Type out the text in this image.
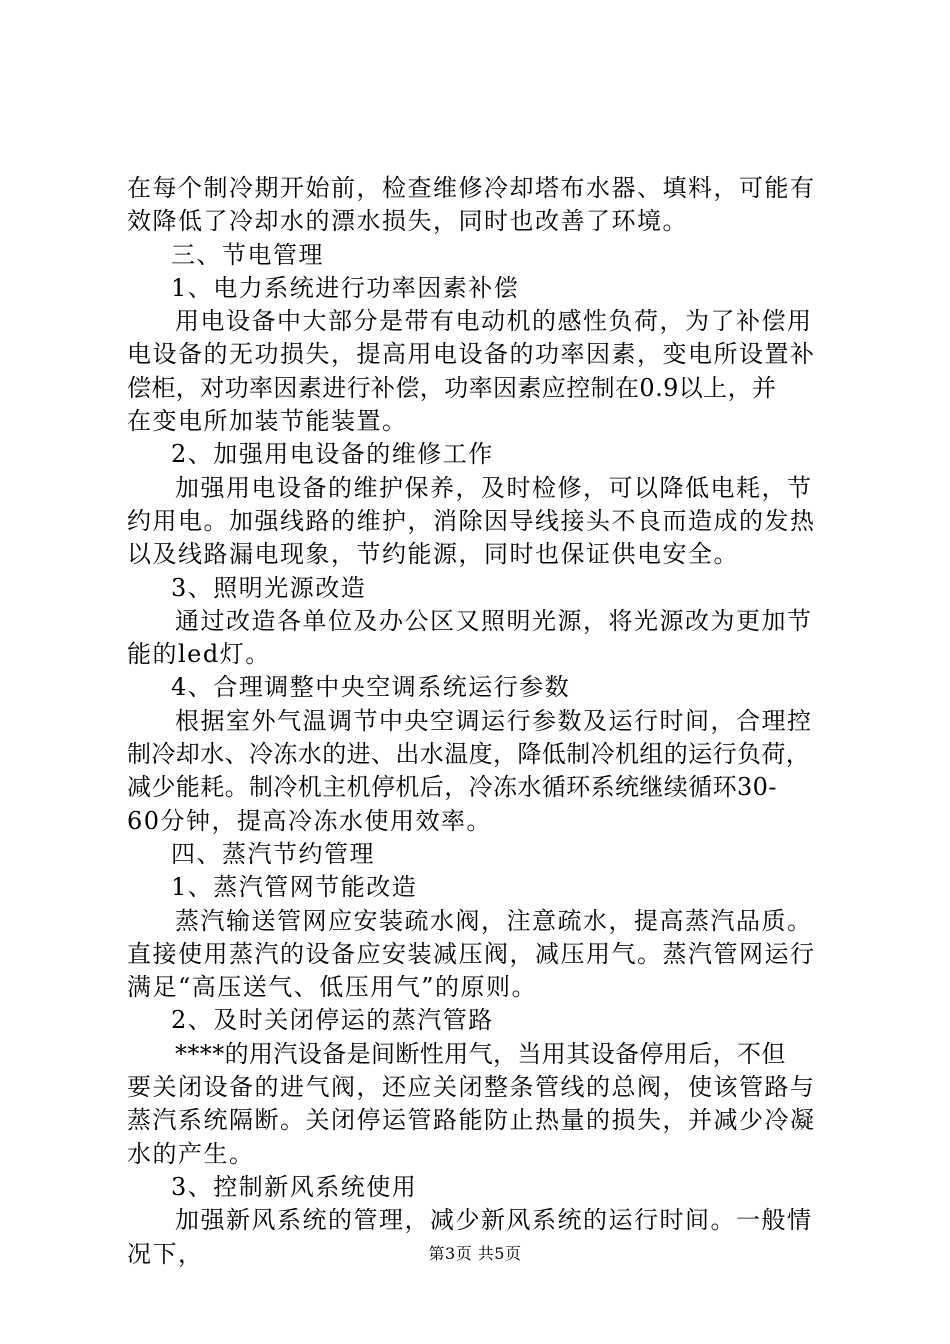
在每个制冷期开始前，检查维修冷却塔布水器、填料，可能有
效降低了冷却水的漂水损失，同时也改善了环境。
三、节电管理
1、电力系统进行功率因素补偿
用电设备中大部分是带有电动机的感性负荷，为了补偿用
电设备的无功损失，提高用电设备的功率因素，变电所设置补
偿柜，对功率因素进行补偿，功率因素应控制在0.9以上，并
在变电所加装节能装置。
2、加强用电设备的维修工作
加强用电设备的维护保养，及时检修，可以降低电耗，节
约用电。加强线路的维护，消除因导线接头不良而造成的发热
以及线路漏电现象，节约能源，同时也保证供电安全。
3、照明光源改造
通过改造各单位及办公区又照明光源，将光源改为更加节
能的led灯。
4、合理调整中央空调系统运行参数
根据室外气温调节中央空调运行参数及运行时间，合理控
制冷却水、冷冻水的进、出水温度，降低制冷机组的运行负荷，
减少能耗。制冷机主机停机后，冷冻水循环系统继续循环30-
60分钟，提高冷冻水使用效率。
四、蒸汽节约管理
1、蒸汽管网节能改造
蒸汽输送管网应安装疏水阀，注意疏水，提高蒸汽品质。
直接使用蒸汽的设备应安装减压阀，减压用气。蒸汽管网运行
满足“高压送气、低压用气”的原则。
2、及时关闭停运的蒸汽管路
****的用汽设备是间断性用气，当用其设备停用后，不但
要关闭设备的进气阀，还应关闭整条管线的总阀，使该管路与
蒸汽系统隔断。关闭停运管路能防止热量的损失，并减少冷凝
水的产生。
3、控制新风系统使用
加强新风系统的管理，减少新风系统的运行时间。一般情
况下，	第3页 共5页
